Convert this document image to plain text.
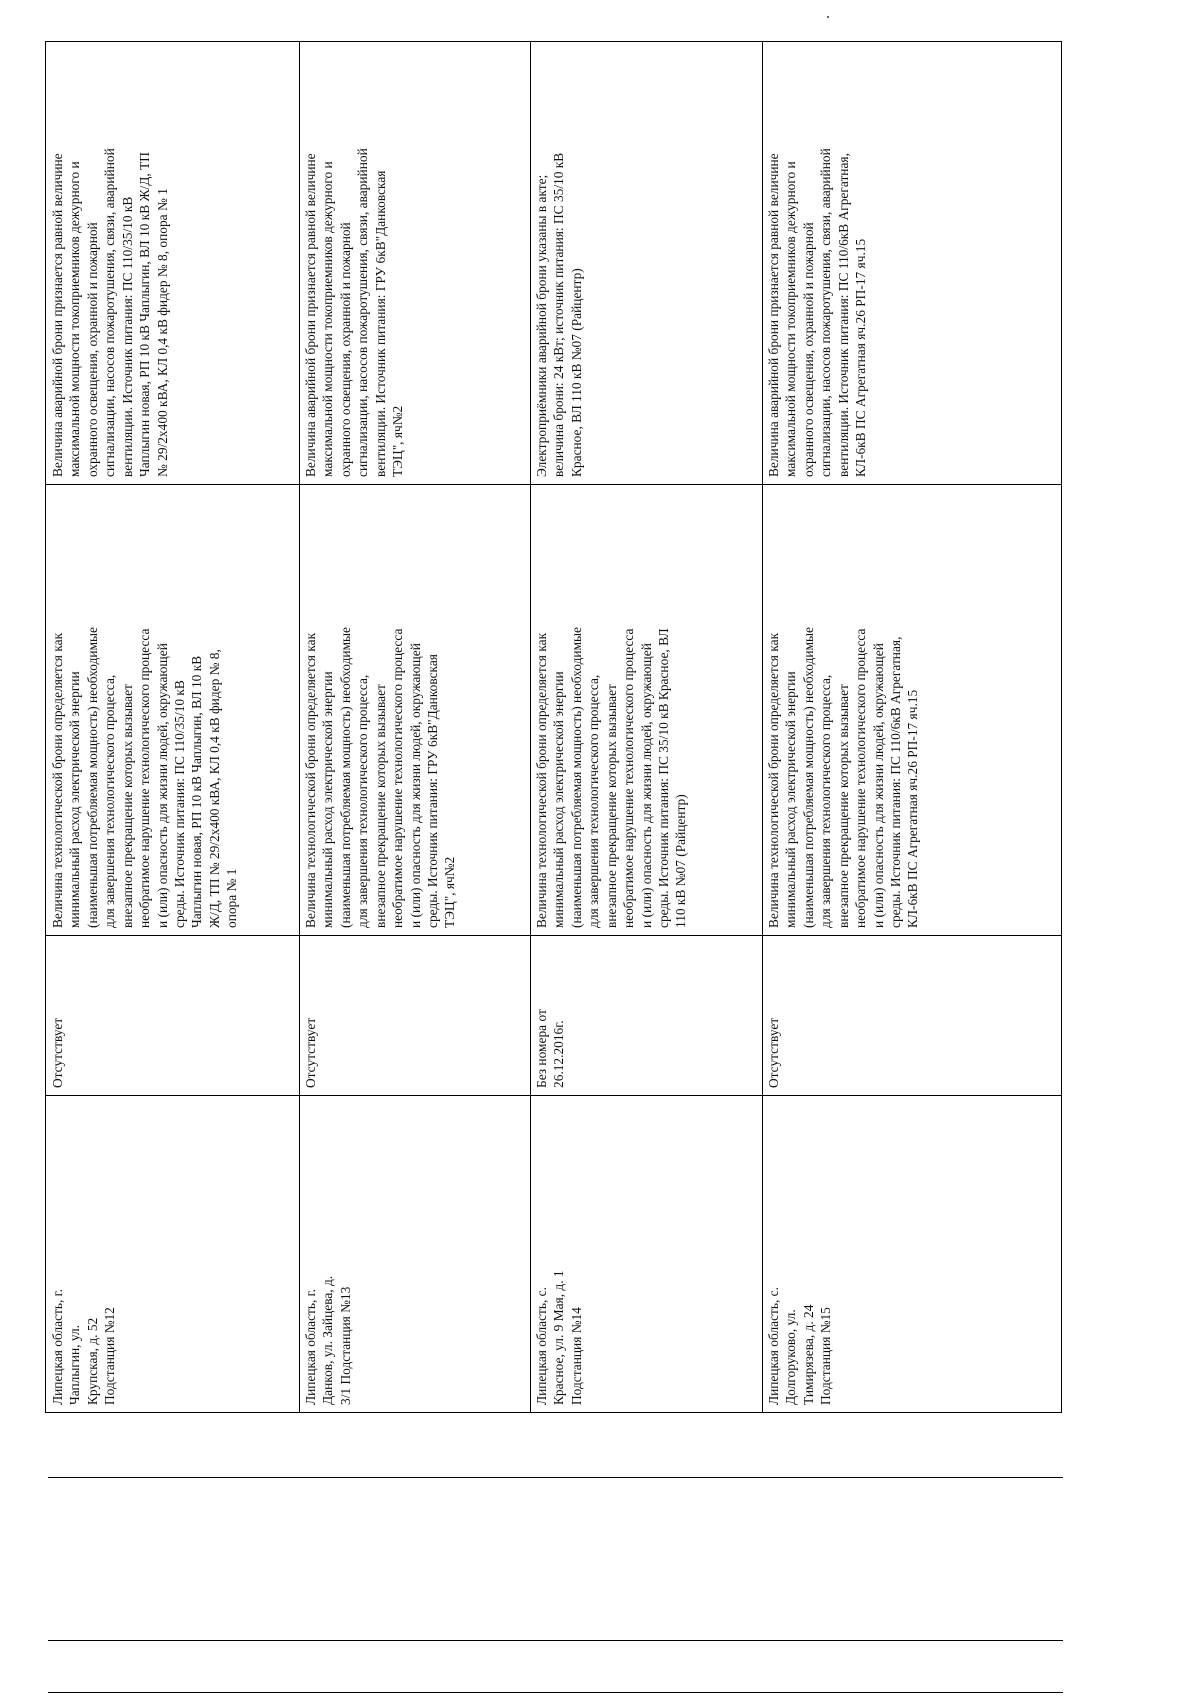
Липецкая область, г.
Чаплыгин, ул.
Крупская, д. 52
Подстанция №12
Отсутствует
Величина технологической брони определяется как
минимальный расход электрической энергии
(наименьшая потребляемая мощность) необходимые
для завершения технологического процесса,
внезапное прекращение которых вызывает
необратимое нарушение технологического процесса
и (или) опасность для жизни людей, окружающей
среды. Источник питания: ПС 110/35/10 кВ
Чаплыгин новая, РП 10 кВ Чаплыгин, ВЛ 10 кВ
Ж/Д, ТП № 29/2х400 кВА, КЛ 0,4 кВ фидер № 8,
опора № 1
Величина аварийной брони признается равной величине
максимальной мощности токоприемников дежурного и
охранного освещения, охранной и пожарной
сигнализации, насосов пожаротушения, связи, аварийной
вентиляции. Источник питания: ПС 110/35/10 кВ
Чаплыгин новая, РП 10 кВ Чаплыгин, ВЛ 10 кВ Ж/Д, ТП
№ 29/2х400 кВА, КЛ 0,4 кВ фидер № 8, опора № 1
Липецкая область, г.
Данков, ул. Зайцева, д.
3/1 Подстанция №13
Отсутствует
Величина технологической брони определяется как
минимальный расход электрической энергии
(наименьшая потребляемая мощность) необходимые
для завершения технологического процесса,
внезапное прекращение которых вызывает
необратимое нарушение технологического процесса
и (или) опасность для жизни людей, окружающей
среды. Источник питания: ГРУ 6кВ"Данковская
ТЭЦ", яч№2
Величина аварийной брони признается равной величине
максимальной мощности токоприемников дежурного и
охранного освещения, охранной и пожарной
сигнализации, насосов пожаротушения, связи, аварийной
вентиляции. Источник питания: ГРУ 6кВ"Данковская
ТЭЦ", яч№2
Липецкая область, с.
Красное, ул. 9 Мая, д. 1
Подстанция №14
Без номера от
26.12.2016г.
Величина технологической брони определяется как
минимальный расход электрической энергии
(наименьшая потребляемая мощность) необходимые
для завершения технологического процесса,
внезапное прекращение которых вызывает
необратимое нарушение технологического процесса
и (или) опасность для жизни людей, окружающей
среды. Источник питания: ПС 35/10 кВ Красное, ВЛ
110 кВ №07 (Райцентр)
Электроприёмники аварийной брони указаны в акте;
величина брони: 24 кВт; источник питания: ПС 35/10 кВ
Красное, ВЛ 110 кВ №07 (Райцентр)
Липецкая область, с.
Долгоруково, ул.
Тимирязева, д. 24
Подстанция №15
Отсутствует
Величина технологической брони определяется как
минимальный расход электрической энергии
(наименьшая потребляемая мощность) необходимые
для завершения технологического процесса,
внезапное прекращение которых вызывает
необратимое нарушение технологического процесса
и (или) опасность для жизни людей, окружающей
среды. Источник питания: ПС 110/6кВ Агрегатная,
КЛ-6кВ ПС Агрегатная яч.26 РП-17 яч.15
Величина аварийной брони признается равной величине
максимальной мощности токоприемников дежурного и
охранного освещения, охранной и пожарной
сигнализации, насосов пожаротушения, связи, аварийной
вентиляции. Источник питания: ПС 110/6кВ Агрегатная,
КЛ-6кВ ПС Агрегатная яч.26 РП-17 яч.15
